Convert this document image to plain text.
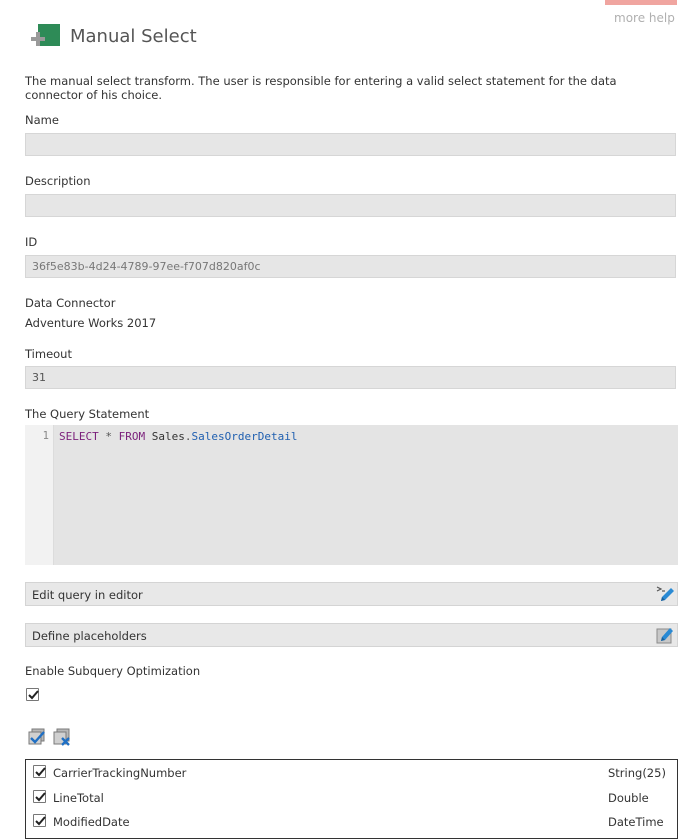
more help
Manual Select
The manual select transform. The user is responsible for entering a valid select statement for the data connector of his choice.
Name
Description
ID
36f5e83b-4d24-4789-97ee-f707d820af0c
Data Connector
Adventure Works 2017
Timeout
31
The Query Statement
1 SELECT * FROM Sales.SalesOrderDetail
Edit query in editor
Define placeholders
Enable Subquery Optimization
CarrierTrackingNumber	String(25)
LineTotal	Double
ModifiedDate	DateTime
